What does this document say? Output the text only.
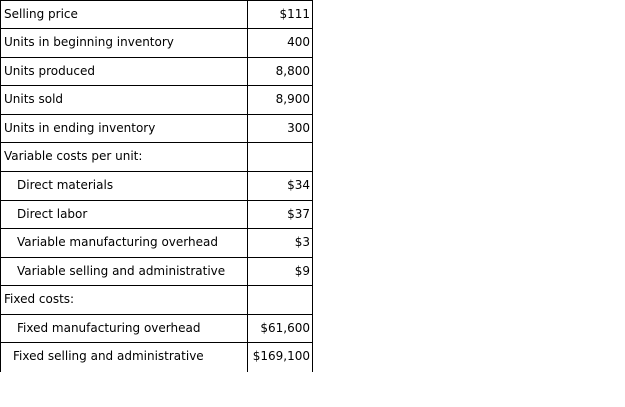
Selling price	$111
Units in beginning inventory	400
Units produced	8,800
Units sold	8,900
Units in ending inventory	300
Variable costs per unit:
Direct materials	$34
Direct labor	$37
Variable manufacturing overhead	$3
Variable selling and administrative	$9
Fixed costs:
Fixed manufacturing overhead	$61,600
Fixed selling and administrative	$169,100
